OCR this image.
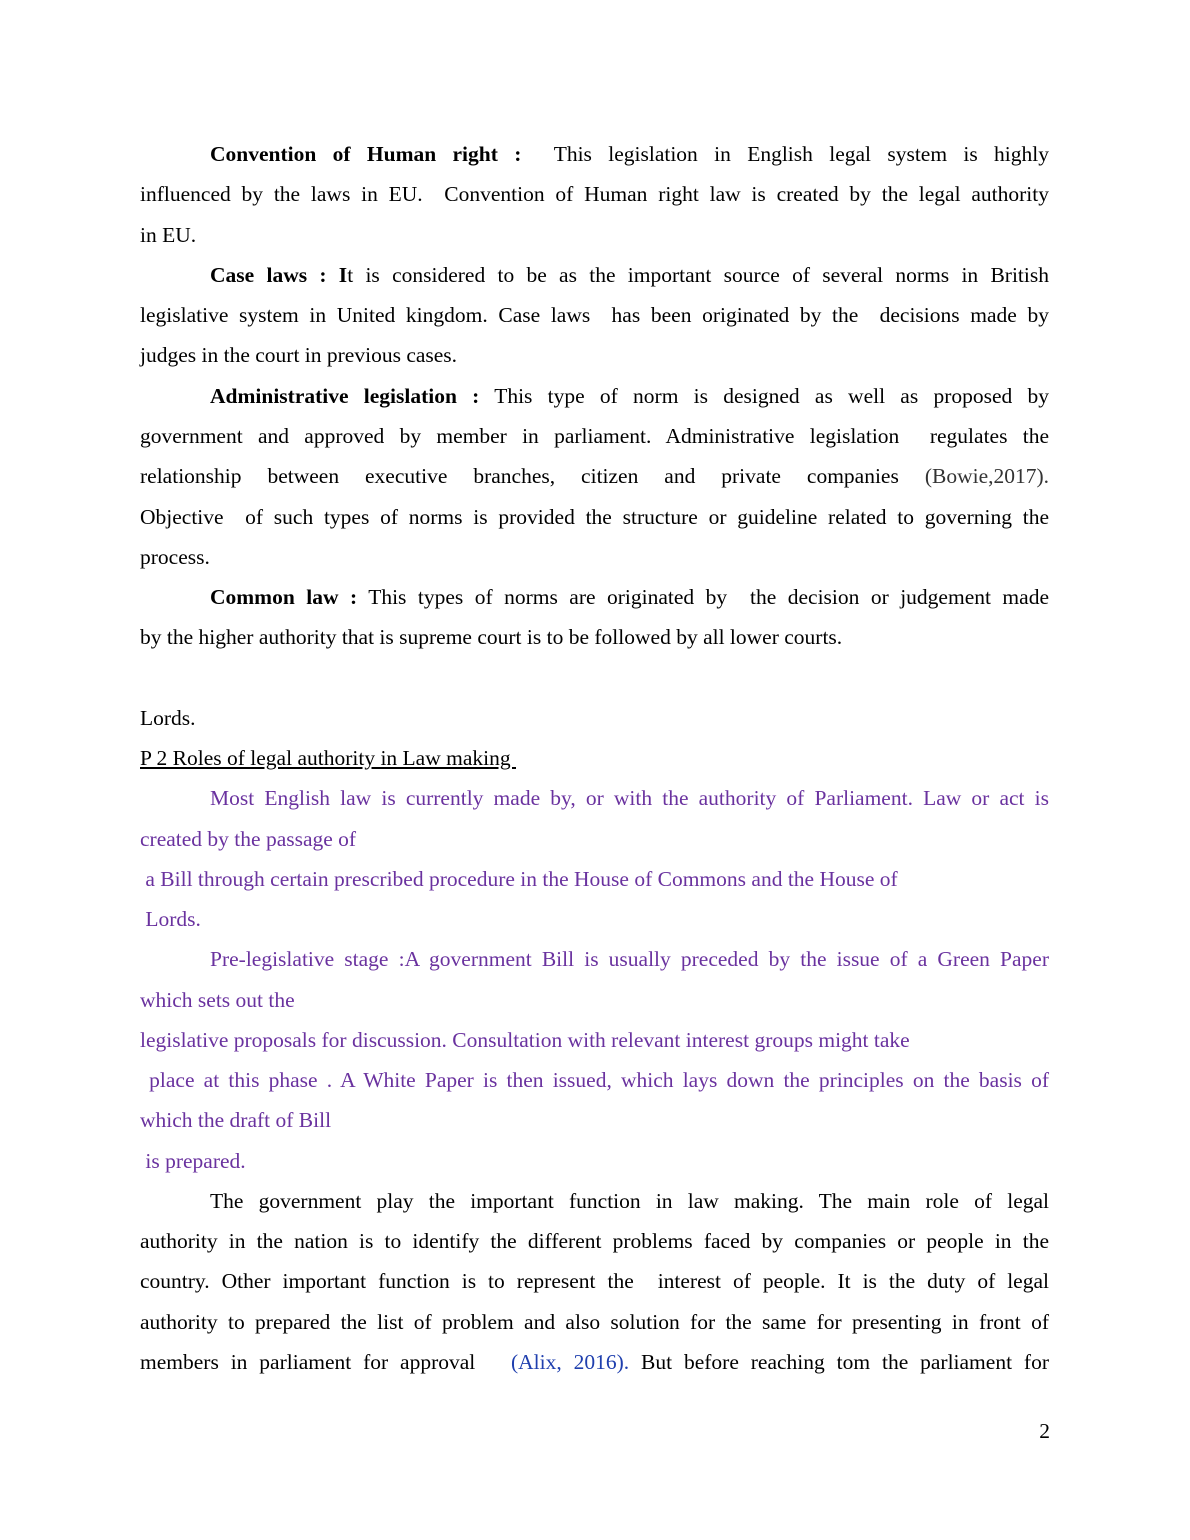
Convention of Human right : This legislation in English legal system is highly
influenced by the laws in EU.  Convention of Human right law is created by the legal authority
in EU.
Case laws : It is considered to be as the important source of several norms in British
legislative system in United kingdom. Case laws  has been originated by the  decisions made by
judges in the court in previous cases.
Administrative legislation : This type of norm is designed as well as proposed by
government and approved by member in parliament. Administrative legislation  regulates the
relationship between executive branches, citizen and private companies (Bowie,2017).
Objective  of such types of norms is provided the structure or guideline related to governing the
process.
Common law : This types of norms are originated by  the decision or judgement made
by the higher authority that is supreme court is to be followed by all lower courts.
Lords.
P 2 Roles of legal authority in Law making
Most English law is currently made by, or with the authority of Parliament. Law or act is
created by the passage of
a Bill through certain prescribed procedure in the House of Commons and the House of
Lords.
Pre-legislative stage :A government Bill is usually preceded by the issue of a Green Paper
which sets out the
legislative proposals for discussion. Consultation with relevant interest groups might take
place at this phase . A White Paper is then issued, which lays down the principles on the basis of
which the draft of Bill
is prepared.
The government play the important function in law making. The main role of legal
authority in the nation is to identify the different problems faced by companies or people in the
country. Other important function is to represent the  interest of people. It is the duty of legal
authority to prepared the list of problem and also solution for the same for presenting in front of
members in parliament for approval (Alix, 2016). But before reaching tom the parliament for
2
